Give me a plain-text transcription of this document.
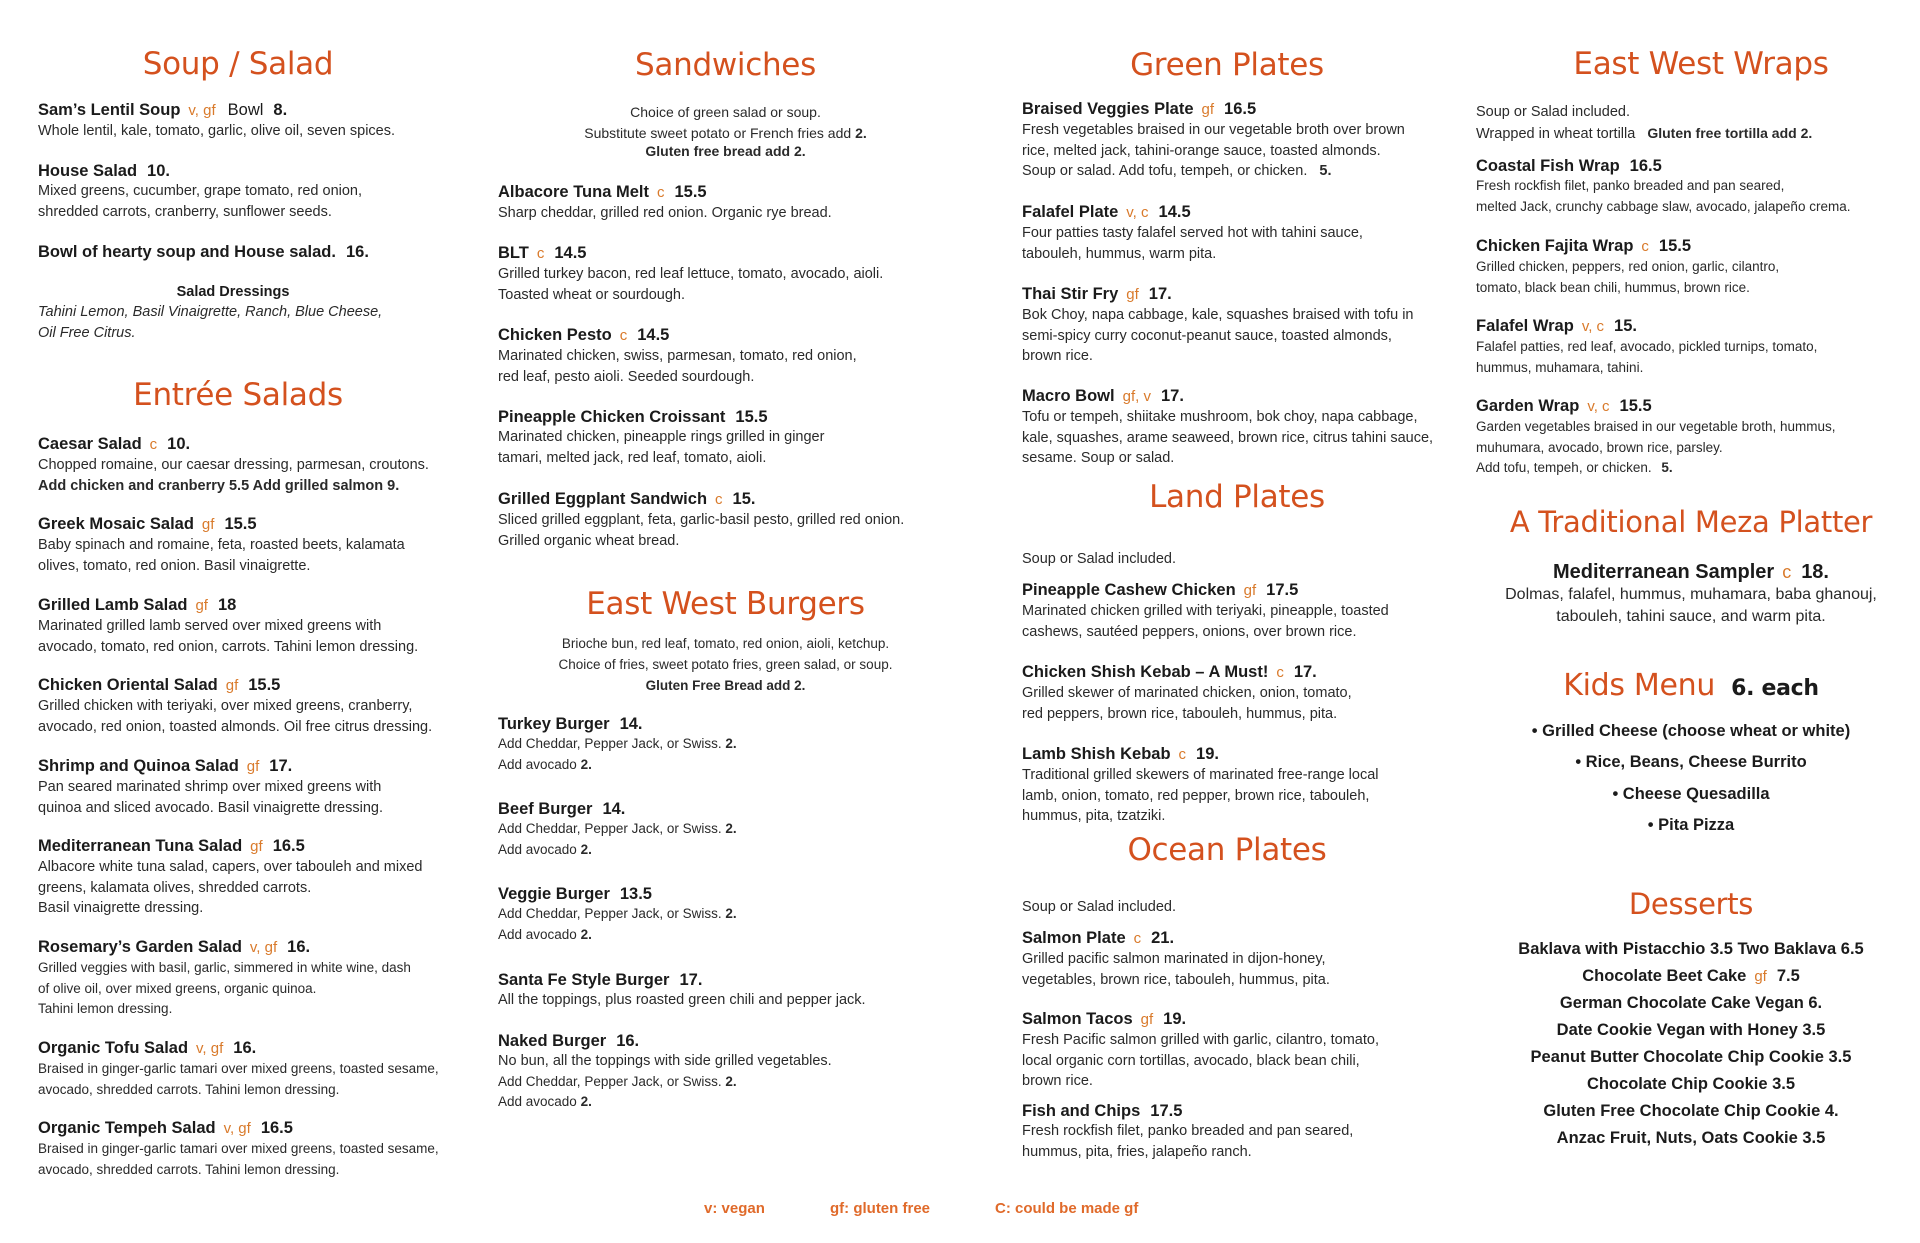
Soup / Salad
Sam’s Lentil Soup v, gf Bowl 8.
Whole lentil, kale, tomato, garlic, olive oil, seven spices.
House Salad 10.
Mixed greens, cucumber, grape tomato, red onion,
shredded carrots, cranberry, sunflower seeds.
Bowl of hearty soup and House salad. 16.
Salad Dressings
Tahini Lemon, Basil Vinaigrette, Ranch, Blue Cheese,
Oil Free Citrus.
Entrée Salads
Caesar Salad c 10.
Chopped romaine, our caesar dressing, parmesan, croutons.
Add chicken and cranberry 5.5 Add grilled salmon 9.
Greek Mosaic Salad gf 15.5
Baby spinach and romaine, feta, roasted beets, kalamata
olives, tomato, red onion. Basil vinaigrette.
Grilled Lamb Salad gf 18
Marinated grilled lamb served over mixed greens with
avocado, tomato, red onion, carrots. Tahini lemon dressing.
Chicken Oriental Salad gf 15.5
Grilled chicken with teriyaki, over mixed greens, cranberry,
avocado, red onion, toasted almonds. Oil free citrus dressing.
Shrimp and Quinoa Salad gf 17.
Pan seared marinated shrimp over mixed greens with
quinoa and sliced avocado. Basil vinaigrette dressing.
Mediterranean Tuna Salad gf 16.5
Albacore white tuna salad, capers, over tabouleh and mixed
greens, kalamata olives, shredded carrots.
Basil vinaigrette dressing.
Rosemary’s Garden Salad v, gf 16.
Grilled veggies with basil, garlic, simmered in white wine, dash
of olive oil, over mixed greens, organic quinoa.
Tahini lemon dressing.
Organic Tofu Salad v, gf 16.
Braised in ginger-garlic tamari over mixed greens, toasted sesame,
avocado, shredded carrots. Tahini lemon dressing.
Organic Tempeh Salad v, gf 16.5
Braised in ginger-garlic tamari over mixed greens, toasted sesame,
avocado, shredded carrots. Tahini lemon dressing.
Sandwiches
Choice of green salad or soup.
Substitute sweet potato or French fries add 2.
Gluten free bread add 2.
Albacore Tuna Melt c 15.5
Sharp cheddar, grilled red onion. Organic rye bread.
BLT c 14.5
Grilled turkey bacon, red leaf lettuce, tomato, avocado, aioli.
Toasted wheat or sourdough.
Chicken Pesto c 14.5
Marinated chicken, swiss, parmesan, tomato, red onion,
red leaf, pesto aioli. Seeded sourdough.
Pineapple Chicken Croissant 15.5
Marinated chicken, pineapple rings grilled in ginger
tamari, melted jack, red leaf, tomato, aioli.
Grilled Eggplant Sandwich c 15.
Sliced grilled eggplant, feta, garlic-basil pesto, grilled red onion.
Grilled organic wheat bread.
East West Burgers
Brioche bun, red leaf, tomato, red onion, aioli, ketchup.
Choice of fries, sweet potato fries, green salad, or soup.
Gluten Free Bread add 2.
Turkey Burger 14.
Add Cheddar, Pepper Jack, or Swiss. 2.
Add avocado 2.
Beef Burger 14.
Add Cheddar, Pepper Jack, or Swiss. 2.
Add avocado 2.
Veggie Burger 13.5
Add Cheddar, Pepper Jack, or Swiss. 2.
Add avocado 2.
Santa Fe Style Burger 17.
All the toppings, plus roasted green chili and pepper jack.
Naked Burger 16.
No bun, all the toppings with side grilled vegetables.
Add Cheddar, Pepper Jack, or Swiss. 2.
Add avocado 2.
Green Plates
Braised Veggies Plate gf 16.5
Fresh vegetables braised in our vegetable broth over brown
rice, melted jack, tahini-orange sauce, toasted almonds.
Soup or salad. Add tofu, tempeh, or chicken. 5.
Falafel Plate v, c 14.5
Four patties tasty falafel served hot with tahini sauce,
tabouleh, hummus, warm pita.
Thai Stir Fry gf 17.
Bok Choy, napa cabbage, kale, squashes braised with tofu in
semi-spicy curry coconut-peanut sauce, toasted almonds,
brown rice.
Macro Bowl gf, v 17.
Tofu or tempeh, shiitake mushroom, bok choy, napa cabbage,
kale, squashes, arame seaweed, brown rice, citrus tahini sauce,
sesame. Soup or salad.
Land Plates
Soup or Salad included.
Pineapple Cashew Chicken gf 17.5
Marinated chicken grilled with teriyaki, pineapple, toasted
cashews, sautéed peppers, onions, over brown rice.
Chicken Shish Kebab – A Must! c 17.
Grilled skewer of marinated chicken, onion, tomato,
red peppers, brown rice, tabouleh, hummus, pita.
Lamb Shish Kebab c 19.
Traditional grilled skewers of marinated free-range local
lamb, onion, tomato, red pepper, brown rice, tabouleh,
hummus, pita, tzatziki.
Ocean Plates
Soup or Salad included.
Salmon Plate c 21.
Grilled pacific salmon marinated in dijon-honey,
vegetables, brown rice, tabouleh, hummus, pita.
Salmon Tacos gf 19.
Fresh Pacific salmon grilled with garlic, cilantro, tomato,
local organic corn tortillas, avocado, black bean chili,
brown rice.
Fish and Chips 17.5
Fresh rockfish filet, panko breaded and pan seared,
hummus, pita, fries, jalapeño ranch.
East West Wraps
Soup or Salad included.
Wrapped in wheat tortilla Gluten free tortilla add 2.
Coastal Fish Wrap 16.5
Fresh rockfish filet, panko breaded and pan seared,
melted Jack, crunchy cabbage slaw, avocado, jalapeño crema.
Chicken Fajita Wrap c 15.5
Grilled chicken, peppers, red onion, garlic, cilantro,
tomato, black bean chili, hummus, brown rice.
Falafel Wrap v, c 15.
Falafel patties, red leaf, avocado, pickled turnips, tomato,
hummus, muhamara, tahini.
Garden Wrap v, c 15.5
Garden vegetables braised in our vegetable broth, hummus,
muhumara, avocado, brown rice, parsley.
Add tofu, tempeh, or chicken. 5.
A Traditional Meza Platter
Mediterranean Sampler c 18.
Dolmas, falafel, hummus, muhamara, baba ghanouj,
tabouleh, tahini sauce, and warm pita.
Kids Menu 6. each
• Grilled Cheese (choose wheat or white)
• Rice, Beans, Cheese Burrito
• Cheese Quesadilla
• Pita Pizza
Desserts
Baklava with Pistacchio 3.5 Two Baklava 6.5
Chocolate Beet Cake gf 7.5
German Chocolate Cake Vegan 6.
Date Cookie Vegan with Honey 3.5
Peanut Butter Chocolate Chip Cookie 3.5
Chocolate Chip Cookie 3.5
Gluten Free Chocolate Chip Cookie 4.
Anzac Fruit, Nuts, Oats Cookie 3.5
v: vegan	gf: gluten free	C: could be made gf
